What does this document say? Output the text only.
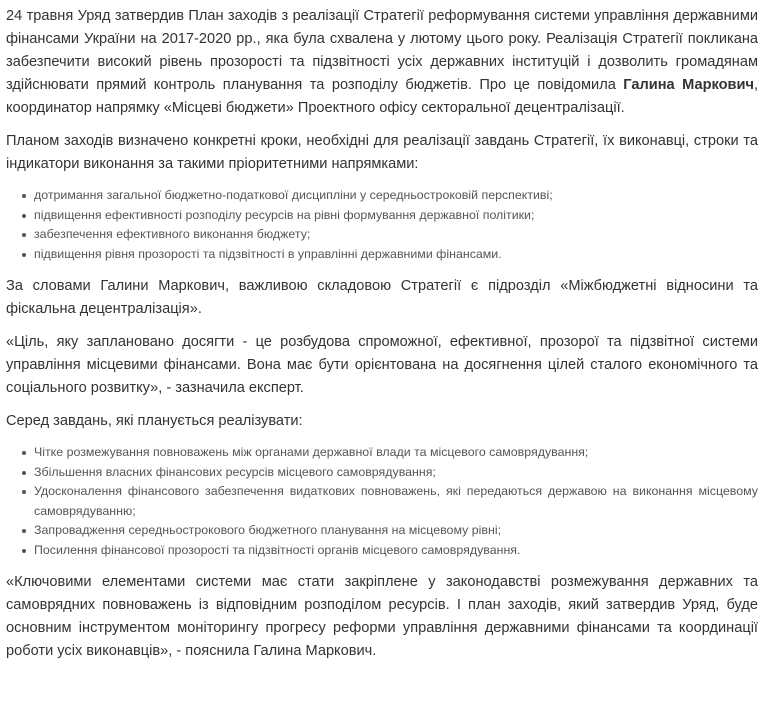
24 травня Уряд затвердив План заходів з реалізації Стратегії реформування системи управління державними фінансами України на 2017-2020 рр., яка була схвалена у лютому цього року. Реалізація Стратегії покликана забезпечити високий рівень прозорості та підзвітності усіх державних інституцій і дозволить громадянам здійснювати прямий контроль планування та розподілу бюджетів. Про це повідомила Галина Маркович, координатор напрямку «Місцеві бюджети» Проектного офісу секторальної децентралізації.

Планом заходів визначено конкретні кроки, необхідні для реалізації завдань Стратегії, їх виконавці, строки та індикатори виконання за такими пріоритетними напрямками:

дотримання загальної бюджетно-податкової дисципліни у середньостроковій перспективі;
підвищення ефективності розподілу ресурсів на рівні формування державної політики;
забезпечення ефективного виконання бюджету;
підвищення рівня прозорості та підзвітності в управлінні державними фінансами.

За словами Галини Маркович, важливою складовою Стратегії є підрозділ «Міжбюджетні відносини та фіскальна децентралізація».

«Ціль, яку заплановано досягти - це розбудова спроможної, ефективної, прозорої та підзвітної системи управління місцевими фінансами. Вона має бути орієнтована на досягнення цілей сталого економічного та соціального розвитку», - зазначила експерт.

Серед завдань, які планується реалізувати:

Чітке розмежування повноважень між органами державної влади та місцевого самоврядування;
Збільшення власних фінансових ресурсів місцевого самоврядування;
Удосконалення фінансового забезпечення видаткових повноважень, які передаються державою на виконання місцевому самоврядуванню;
Запровадження середньострокового бюджетного планування на місцевому рівні;
Посилення фінансової прозорості та підзвітності органів місцевого самоврядування.

«Ключовими елементами системи має стати закріплене у законодавстві розмежування державних та самоврядних повноважень із відповідним розподілом ресурсів. І план заходів, який затвердив Уряд, буде основним інструментом моніторингу прогресу реформи управління державними фінансами та координації роботи усіх виконавців», - пояснила Галина Маркович.
